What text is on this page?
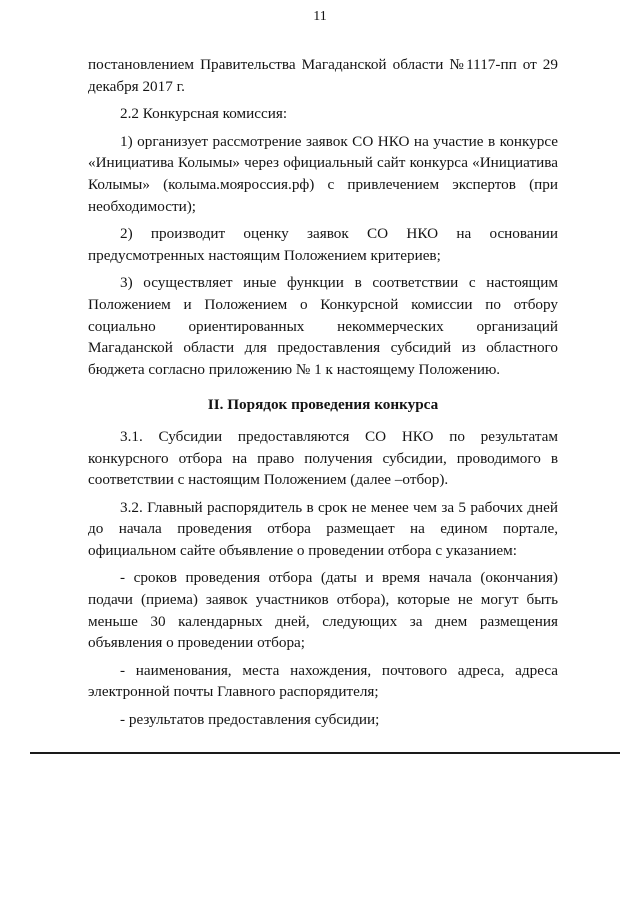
11

постановлением Правительства Магаданской области №1117-пп от 29 декабря 2017 г.

2.2 Конкурсная комиссия:

1) организует рассмотрение заявок СО НКО на участие в конкурсе «Инициатива Колымы» через официальный сайт конкурса «Инициатива Колымы» (колыма.мояроссия.рф) с привлечением экспертов (при необходимости);

2) производит оценку заявок СО НКО на основании предусмотренных настоящим Положением критериев;

3) осуществляет иные функции в соответствии с настоящим Положением и Положением о Конкурсной комиссии по отбору социально ориентированных некоммерческих организаций Магаданской области для предоставления субсидий из областного бюджета согласно приложению № 1 к настоящему Положению.

II. Порядок проведения конкурса

3.1. Субсидии предоставляются СО НКО по результатам конкурсного отбора на право получения субсидии, проводимого в соответствии с настоящим Положением (далее –отбор).

3.2. Главный распорядитель в срок не менее чем за 5 рабочих дней до начала проведения отбора размещает на едином портале, официальном сайте объявление о проведении отбора с указанием:

- сроков проведения отбора (даты и время начала (окончания) подачи (приема) заявок участников отбора), которые не могут быть меньше 30 календарных дней, следующих за днем размещения объявления о проведении отбора;

- наименования, места нахождения, почтового адреса, адреса электронной почты Главного распорядителя;

- результатов предоставления субсидии;
